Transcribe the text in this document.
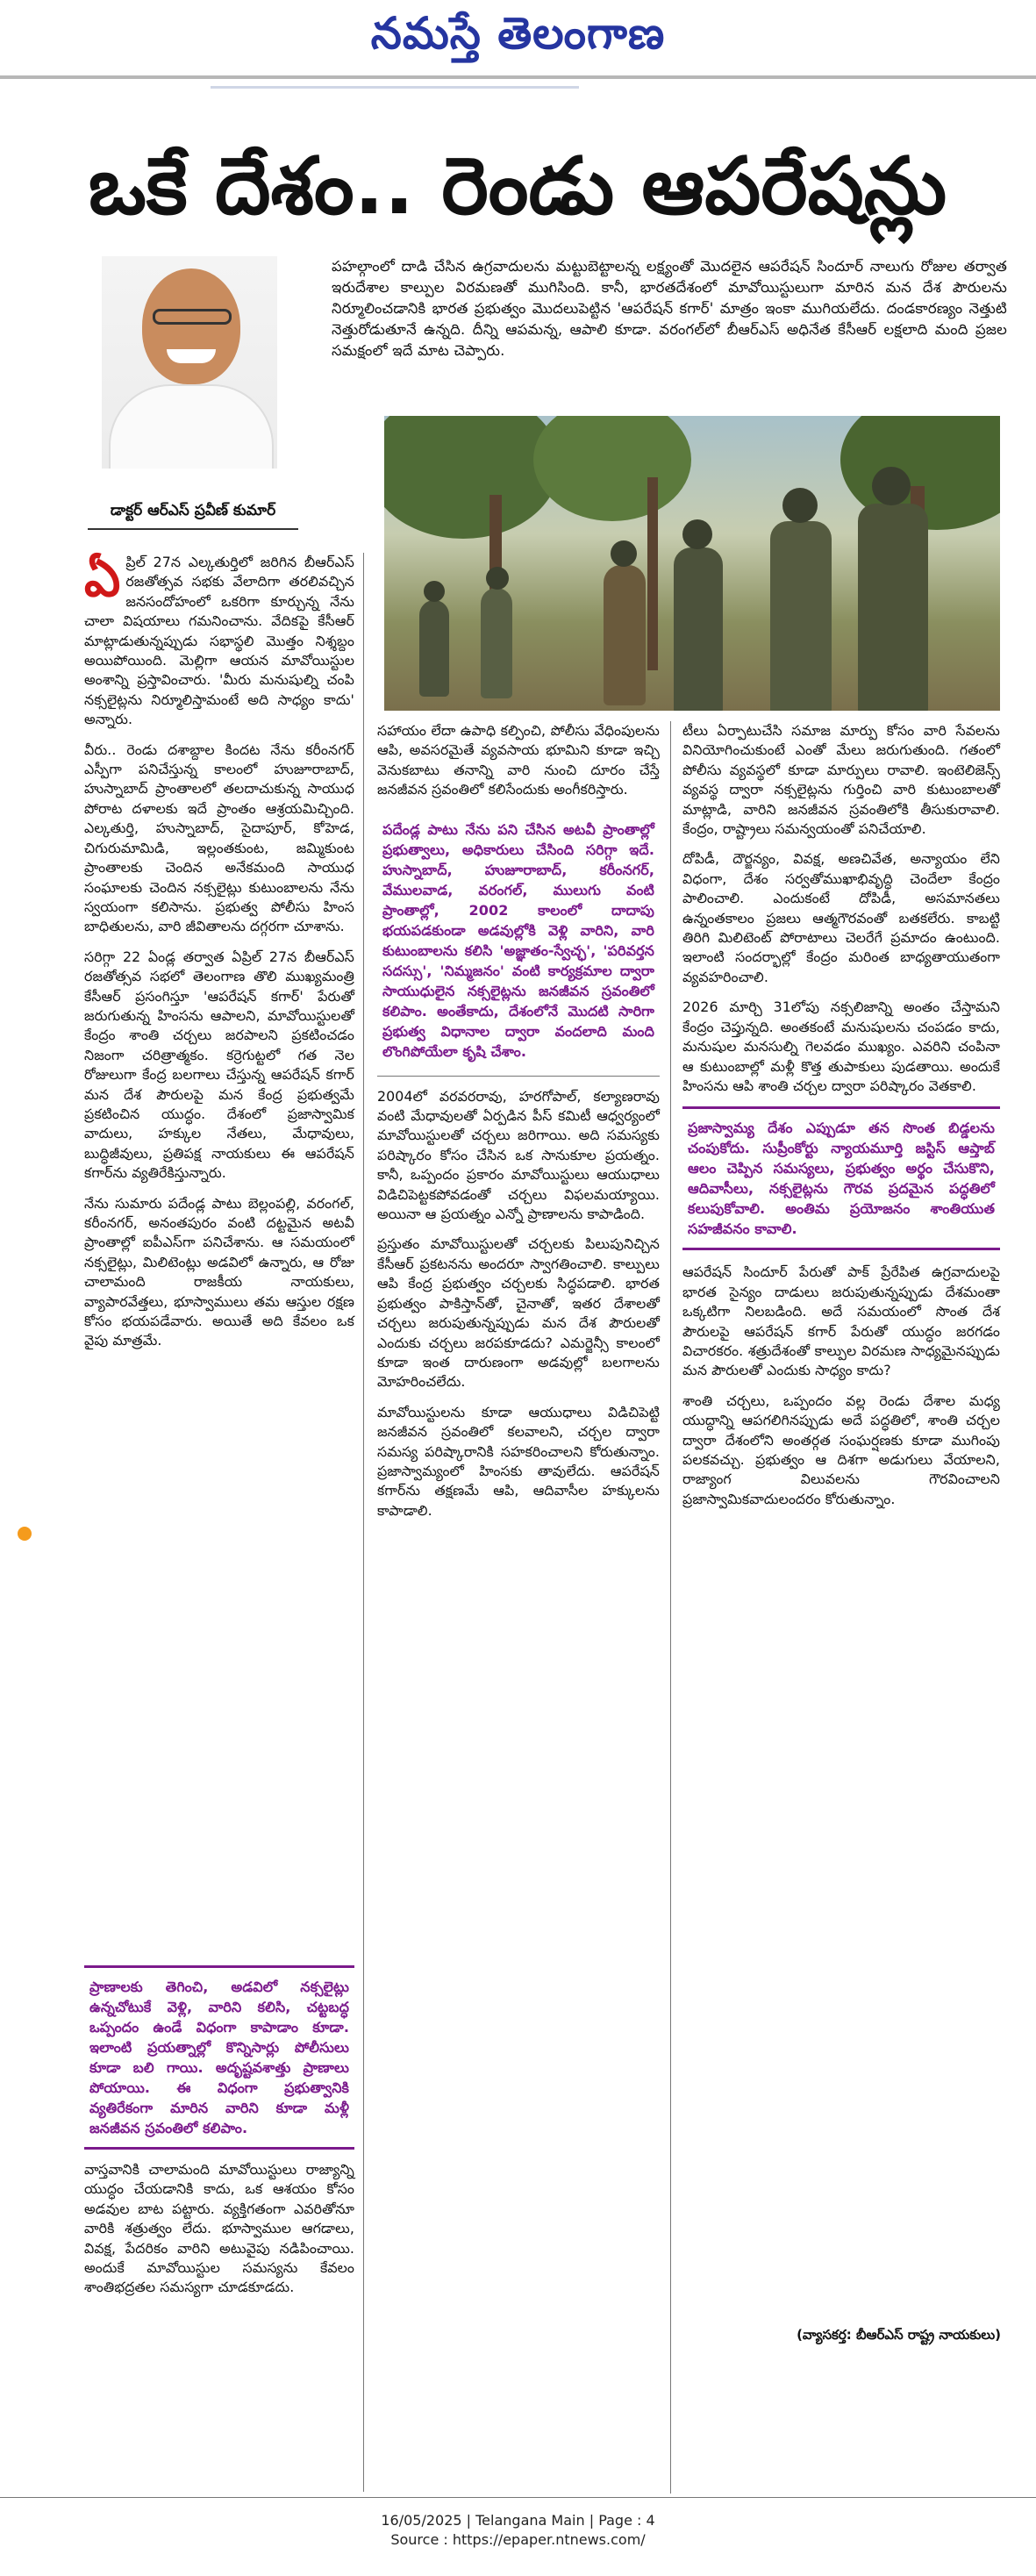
నమస్తే తెలంగాణ
ఒకే దేశం.. రెండు ఆపరేషన్లు
డాక్టర్ ఆర్ఎస్ ప్రవీణ్ కుమార్
పహల్గాంలో దాడి చేసిన ఉగ్రవాదులను మట్టుబెట్టాలన్న లక్ష్యంతో మొదలైన ఆపరేషన్ సిందూర్ నాలుగు రోజుల తర్వాత ఇరుదేశాల కాల్పుల విరమణతో ముగిసింది. కానీ, భారతదేశంలో మావోయిస్టులుగా మారిన మన దేశ పౌరులను నిర్మూలించడానికి భారత ప్రభుత్వం మొదలుపెట్టిన 'ఆపరేషన్ కగార్' మాత్రం ఇంకా ముగియలేదు. దండకారణ్యం నెత్తుటి నెత్తురోడుతూనే ఉన్నది. దీన్ని ఆపమన్న, ఆపాలి కూడా. వరంగల్‌లో బీఆర్ఎస్ అధినేత కేసీఆర్ లక్షలాది మంది ప్రజల సమక్షంలో ఇదే మాట చెప్పారు.

ఏప్రిల్ 27న ఎల్కతుర్తిలో జరిగిన బీఆర్ఎస్ రజతోత్సవ సభకు వేలాదిగా తరలివచ్చిన జనసందోహంలో ఒకరిగా కూర్చున్న నేను చాలా విషయాలు గమనించాను. వేదికపై కేసీఆర్ మాట్లాడుతున్నప్పుడు సభాస్థలి మొత్తం నిశ్శబ్దం అయిపోయింది. మెల్లిగా ఆయన మావోయిస్టుల అంశాన్ని ప్రస్తావించారు. 'మీరు మనుషుల్ని చంపి నక్సలైట్లను నిర్మూలిస్తామంటే అది సాధ్యం కాదు' అన్నారు.

వీరు.. రెండు దశాబ్దాల కిందట నేను కరీంనగర్ ఎస్పీగా పనిచేస్తున్న కాలంలో హుజూరాబాద్, హుస్నాబాద్ ప్రాంతాలలో తలదాచుకున్న సాయుధ పోరాట దళాలకు ఇదే ప్రాంతం ఆశ్రయమిచ్చింది. ఎల్కతుర్తి, హుస్నాబాద్, సైదాపూర్, కోహెడ, చిగురుమామిడి, ఇల్లంతకుంట, జమ్మికుంట ప్రాంతాలకు చెందిన అనేకమంది సాయుధ సంఘాలకు చెందిన నక్సలైట్లు కుటుంబాలను నేను స్వయంగా కలిసాను. ప్రభుత్వ పోలీసు హింస బాధితులను, వారి జీవితాలను దగ్గరగా చూశాను.

సరిగ్గా 22 ఏండ్ల తర్వాత ఏప్రిల్ 27న బీఆర్ఎస్ రజతోత్సవ సభలో తెలంగాణ తొలి ముఖ్యమంత్రి కేసీఆర్ ప్రసంగిస్తూ 'ఆపరేషన్ కగార్' పేరుతో జరుగుతున్న హింసను ఆపాలని, మావోయిస్టులతో కేంద్రం శాంతి చర్చలు జరపాలని ప్రకటించడం నిజంగా చరిత్రాత్మకం. కర్రెగుట్టలో గత నెల రోజులుగా కేంద్ర బలగాలు చేస్తున్న ఆపరేషన్ కగార్ మన దేశ పౌరులపై మన కేంద్ర ప్రభుత్వమే ప్రకటించిన యుద్ధం. దేశంలో ప్రజాస్వామిక వాదులు, హక్కుల నేతలు, మేధావులు, బుద్ధిజీవులు, ప్రతిపక్ష నాయకులు ఈ ఆపరేషన్ కగార్‌ను వ్యతిరేకిస్తున్నారు.

నేను సుమారు పదేండ్ల పాటు బెల్లంపల్లి, వరంగల్, కరీంనగర్, అనంతపురం వంటి దట్టమైన అటవీ ప్రాంతాల్లో ఐపీఎస్‌గా పనిచేశాను. ఆ సమయంలో నక్సలైట్లు, మిలిటెంట్లు అడవిలో ఉన్నారు, ఆ రోజు చాలామంది రాజకీయ నాయకులు, వ్యాపారవేత్తలు, భూస్వాములు తమ ఆస్తుల రక్షణ కోసం భయపడేవారు. అయితే అది కేవలం ఒక వైపు మాత్రమే.

ప్రాణాలకు తెగించి, అడవిలో నక్సలైట్లు ఉన్నచోటుకే వెళ్లి, వారిని కలిసి, చట్టబద్ధ ఒప్పందం ఉండే విధంగా కాపాడాం కూడా. ఇలాంటి ప్రయత్నాల్లో కొన్నిసార్లు పోలీసులు కూడా బలి గాయి. అదృష్టవశాత్తు ప్రాణాలు పోయాయి. ఈ విధంగా ప్రభుత్వానికి వ్యతిరేకంగా మారిన వారిని కూడా మళ్లీ జనజీవన స్రవంతిలో కలిపాం.

వాస్తవానికి చాలామంది మావోయిస్టులు రాజ్యాన్ని యుద్ధం చేయడానికి కాదు, ఒక ఆశయం కోసం అడవుల బాట పట్టారు. వ్యక్తిగతంగా ఎవరితోనూ వారికి శత్రుత్వం లేదు. భూస్వాముల ఆగడాలు, వివక్ష, పేదరికం వారిని అటువైపు నడిపించాయి. అందుకే మావోయిస్టుల సమస్యను కేవలం శాంతిభద్రతల సమస్యగా చూడకూడదు.

సహాయం లేదా ఉపాధి కల్పించి, పోలీసు వేధింపులను ఆపి, అవసరమైతే వ్యవసాయ భూమిని కూడా ఇచ్చి వెనుకబాటు తనాన్ని వారి నుంచి దూరం చేస్తే జనజీవన స్రవంతిలో కలిసేందుకు అంగీకరిస్తారు.

పదేండ్ల పాటు నేను పని చేసిన అటవీ ప్రాంతాల్లో ప్రభుత్వాలు, అధికారులు చేసింది సరిగ్గా ఇదే. హుస్నాబాద్, హుజూరాబాద్, కరీంనగర్, వేములవాడ, వరంగల్, ములుగు వంటి ప్రాంతాల్లో, 2002 కాలంలో దాదాపు భయపడకుండా అడవుల్లోకి వెళ్లి వారిని, వారి కుటుంబాలను కలిసి 'అజ్ఞాతం-స్వేచ్ఛ', 'పరివర్తన సదస్సు', 'నిమ్మజనం' వంటి కార్యక్రమాల ద్వారా సాయుధులైన నక్సలైట్లను జనజీవన స్రవంతిలో కలిపాం. అంతేకాదు, దేశంలోనే మొదటి సారిగా ప్రభుత్వ విధానాల ద్వారా వందలాది మంది లొంగిపోయేలా కృషి చేశాం.

2004లో వరవరరావు, హరగోపాల్, కల్యాణరావు వంటి మేధావులతో ఏర్పడిన పీస్ కమిటీ ఆధ్వర్యంలో మావోయిస్టులతో చర్చలు జరిగాయి. అది సమస్యకు పరిష్కారం కోసం చేసిన ఒక సానుకూల ప్రయత్నం. కానీ, ఒప్పందం ప్రకారం మావోయిస్టులు ఆయుధాలు విడిచిపెట్టకపోవడంతో చర్చలు విఫలమయ్యాయి. అయినా ఆ ప్రయత్నం ఎన్నో ప్రాణాలను కాపాడింది.

ప్రస్తుతం మావోయిస్టులతో చర్చలకు పిలుపునిచ్చిన కేసీఆర్ ప్రకటనను అందరూ స్వాగతించాలి. కాల్పులు ఆపి కేంద్ర ప్రభుత్వం చర్చలకు సిద్ధపడాలి. భారత ప్రభుత్వం పాకిస్తాన్‌తో, చైనాతో, ఇతర దేశాలతో చర్చలు జరుపుతున్నప్పుడు మన దేశ పౌరులతో ఎందుకు చర్చలు జరపకూడదు? ఎమర్జెన్సీ కాలంలో కూడా ఇంత దారుణంగా అడవుల్లో బలగాలను మోహరించలేదు.

మావోయిస్టులను కూడా ఆయుధాలు విడిచిపెట్టి జనజీవన స్రవంతిలో కలవాలని, చర్చల ద్వారా సమస్య పరిష్కారానికి సహకరించాలని కోరుతున్నాం. ప్రజాస్వామ్యంలో హింసకు తావులేదు. ఆపరేషన్ కగార్‌ను తక్షణమే ఆపి, ఆదివాసీల హక్కులను కాపాడాలి.

టీలు ఏర్పాటుచేసి సమాజ మార్పు కోసం వారి సేవలను వినియోగించుకుంటే ఎంతో మేలు జరుగుతుంది. గతంలో పోలీసు వ్యవస్థలో కూడా మార్పులు రావాలి. ఇంటెలిజెన్స్ వ్యవస్థ ద్వారా నక్సలైట్లను గుర్తించి వారి కుటుంబాలతో మాట్లాడి, వారిని జనజీవన స్రవంతిలోకి తీసుకురావాలి. కేంద్రం, రాష్ట్రాలు సమన్వయంతో పనిచేయాలి.

దోపిడీ, దౌర్జన్యం, వివక్ష, అణచివేత, అన్యాయం లేని విధంగా, దేశం సర్వతోముఖాభివృద్ధి చెందేలా కేంద్రం పాలించాలి. ఎందుకంటే దోపిడీ, అసమానతలు ఉన్నంతకాలం ప్రజలు ఆత్మగౌరవంతో బతకలేరు. కాబట్టి తిరిగి మిలిటెంట్ పోరాటాలు చెలరేగే ప్రమాదం ఉంటుంది. ఇలాంటి సందర్భాల్లో కేంద్రం మరింత బాధ్యతాయుతంగా వ్యవహరించాలి.

2026 మార్చి 31లోపు నక్సలిజాన్ని అంతం చేస్తామని కేంద్రం చెప్తున్నది. అంతకంటే మనుషులను చంపడం కాదు, మనుషుల మనసుల్ని గెలవడం ముఖ్యం. ఎవరిని చంపినా ఆ కుటుంబాల్లో మళ్లీ కొత్త తుపాకులు పుడతాయి. అందుకే హింసను ఆపి శాంతి చర్చల ద్వారా పరిష్కారం వెతకాలి.

ప్రజాస్వామ్య దేశం ఎప్పుడూ తన సొంత బిడ్డలను చంపుకోదు. సుప్రీంకోర్టు న్యాయమూర్తి జస్టిస్ ఆప్తాబ్ ఆలం చెప్పిన సమస్యలు, ప్రభుత్వం అర్థం చేసుకొని, ఆదివాసీలు, నక్సలైట్లను గౌరవ ప్రదమైన పద్ధతిలో కలుపుకోవాలి. అంతిమ ప్రయోజనం శాంతియుత సహజీవనం కావాలి.

ఆపరేషన్ సిందూర్ పేరుతో పాక్ ప్రేరేపిత ఉగ్రవాదులపై భారత సైన్యం దాడులు జరుపుతున్నప్పుడు దేశమంతా ఒక్కటిగా నిలబడింది. అదే సమయంలో సొంత దేశ పౌరులపై ఆపరేషన్ కగార్ పేరుతో యుద్ధం జరగడం విచారకరం. శత్రుదేశంతో కాల్పుల విరమణ సాధ్యమైనప్పుడు మన పౌరులతో ఎందుకు సాధ్యం కాదు?

శాంతి చర్చలు, ఒప్పందం వల్ల రెండు దేశాల మధ్య యుద్ధాన్ని ఆపగలిగినప్పుడు అదే పద్ధతిలో, శాంతి చర్చల ద్వారా దేశంలోని అంతర్గత సంఘర్షణకు కూడా ముగింపు పలకవచ్చు. ప్రభుత్వం ఆ దిశగా అడుగులు వేయాలని, రాజ్యాంగ విలువలను గౌరవించాలని ప్రజాస్వామికవాదులందరం కోరుతున్నాం.

(వ్యాసకర్త: బీఆర్ఎస్ రాష్ట్ర నాయకులు)
16/05/2025 | Telangana Main | Page : 4
Source : https://epaper.ntnews.com/
